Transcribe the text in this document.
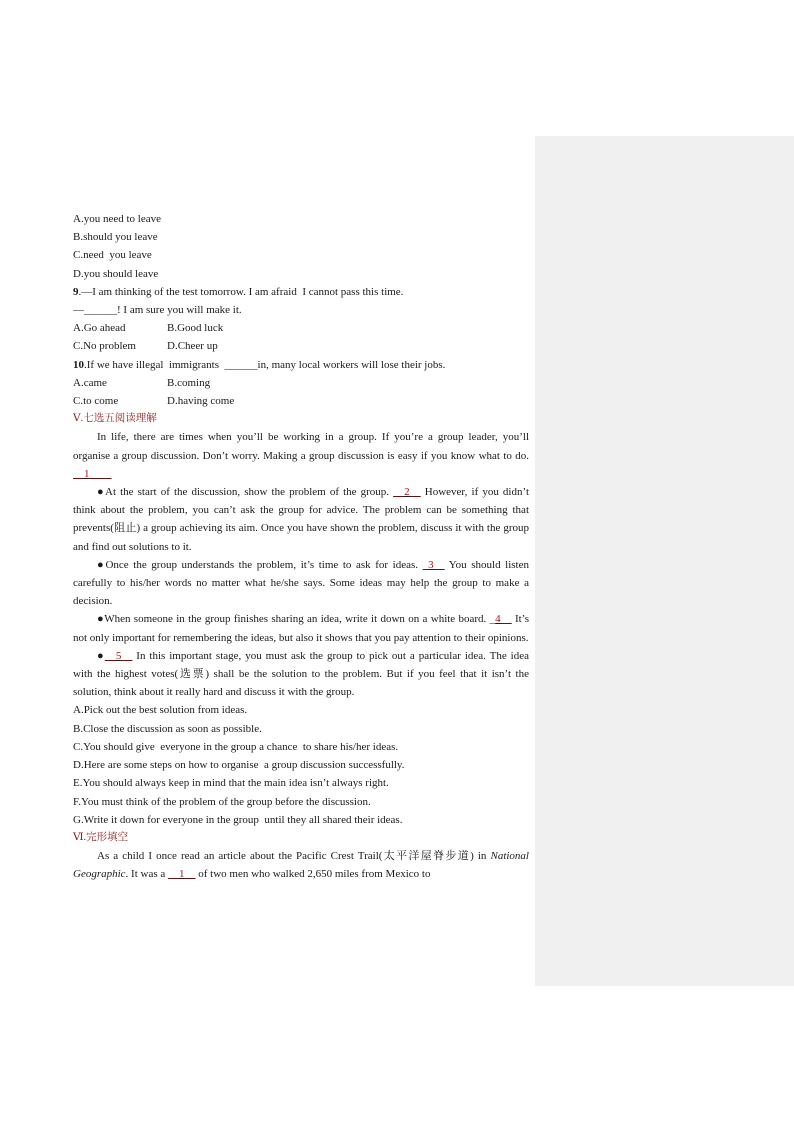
A.you need to leave
B.should you leave
C.need  you leave
D.you should leave
9.—I am thinking of the test tomorrow. I am afraid  I cannot pass this time.
—______! I am sure you will make it.
A.Go ahead	B.Good luck
C.No problem	D.Cheer up
10.If we have illegal  immigrants  ______in, many local workers will lose their jobs.
A.came	B.coming
C.to come	D.having come
Ⅴ.七选五阅读理解
In life, there are times when you’ll be working in a group. If you’re a group leader, you’ll organise a group discussion. Don’t worry. Making a group discussion is easy if you know what to do. __1____
●At the start of the discussion, show the problem of the group. __2__ However, if you didn’t think about the problem, you can’t ask the group for advice. The problem can be something that prevents(阻止) a group achieving its aim. Once you have shown the problem, discuss it with the group and find out solutions to it.
●Once the group understands the problem, it’s time to ask for ideas. _3__ You should listen carefully to his/her words no matter what he/she says. Some ideas may help the group to make a decision.
●When someone in the group finishes sharing an idea, write it down on a white board. _4__ It’s not only important for remembering the ideas, but also it shows that you pay attention to their opinions.
●__5__ In this important stage, you must ask the group to pick out a particular idea. The idea with the highest votes(选票) shall be the solution to the problem. But if you feel that it isn’t the solution, think about it really hard and discuss it with the group.
A.Pick out the best solution from ideas.
B.Close the discussion as soon as possible.
C.You should give  everyone in the group a chance  to share his/her ideas.
D.Here are some steps on how to organise  a group discussion successfully.
E.You should always keep in mind that the main idea isn’t always right.
F.You must think of the problem of the group before the discussion.
G.Write it down for everyone in the group  until they all shared their ideas.
Ⅵ.完形填空
As a child I once read an article about the Pacific Crest Trail(太平洋屋脊步道) in National Geographic. It was a __1__ of two men who walked 2,650 miles from Mexico to
